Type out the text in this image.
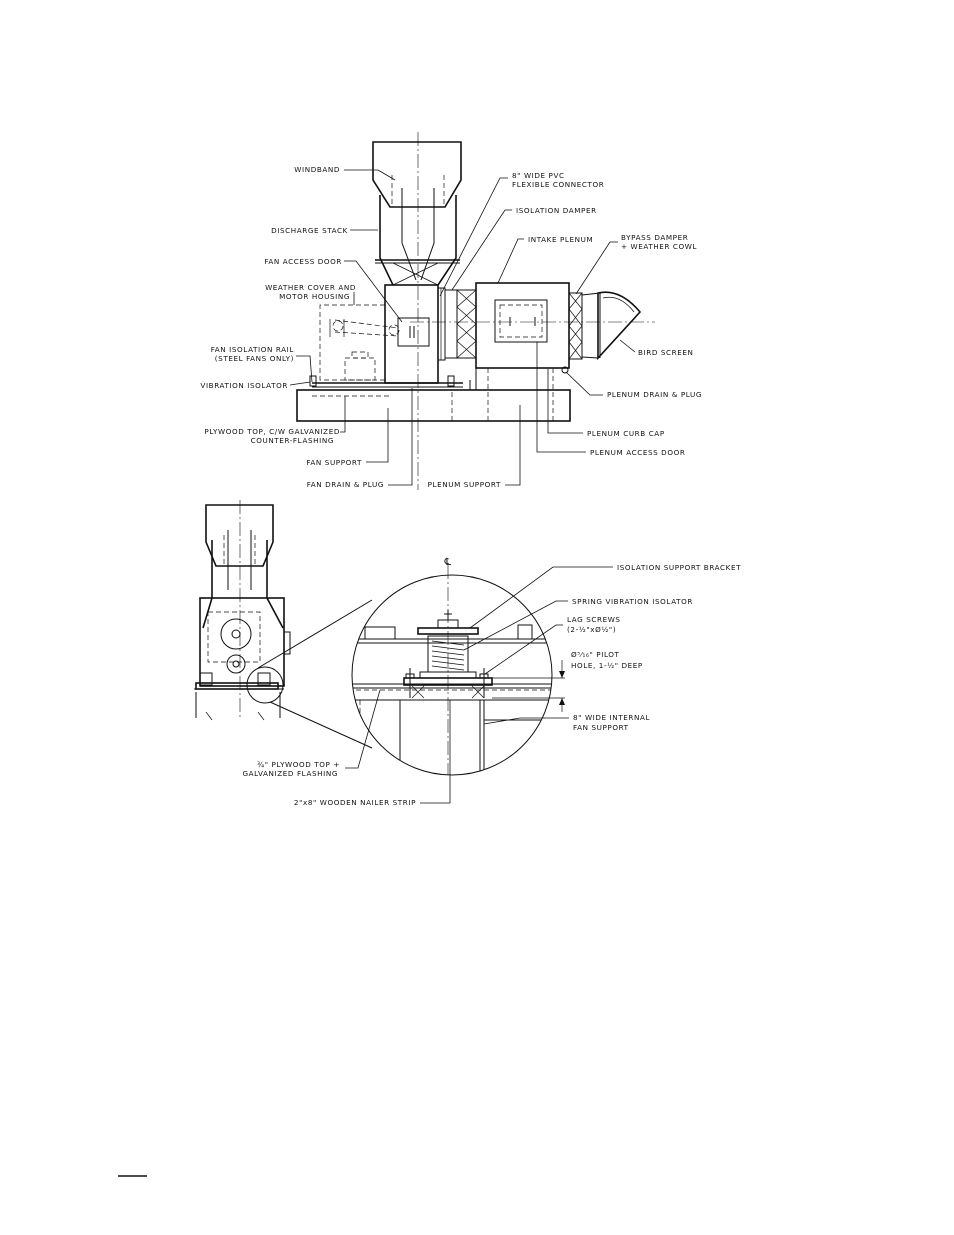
WINDBAND
8" WIDE PVC
FLEXIBLE CONNECTOR
DISCHARGE STACK
ISOLATION DAMPER
INTAKE PLENUM	BYPASS DAMPER
+ WEATHER COWL
FAN ACCESS DOOR
WEATHER COVER AND
MOTOR HOUSING
BIRD SCREEN
FAN ISOLATION RAIL
(STEEL FANS ONLY)
VIBRATION ISOLATOR
PLENUM DRAIN & PLUG
PLYWOOD TOP, C/W GALVANIZED
COUNTER-FLASHING
PLENUM CURB CAP
FAN SUPPORT
PLENUM ACCESS DOOR
FAN DRAIN & PLUG	PLENUM SUPPORT
℄	ISOLATION SUPPORT BRACKET
SPRING VIBRATION ISOLATOR
LAG SCREWS
(2-½"xØ½")
Ø⁵⁄₁₆" PILOT
HOLE, 1-½" DEEP
8" WIDE INTERNAL
FAN SUPPORT
¾" PLYWOOD TOP +
GALVANIZED FLASHING
2"x8" WOODEN NAILER STRIP
